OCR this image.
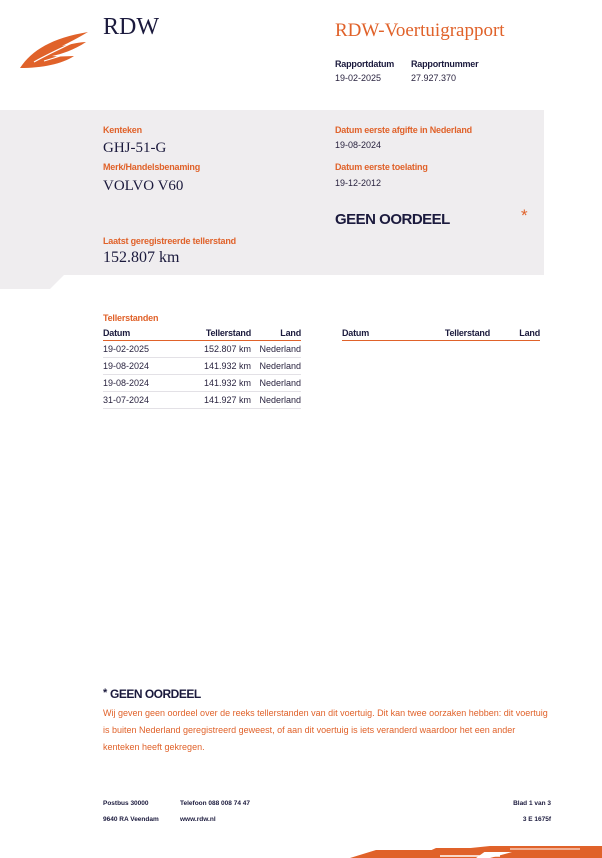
RDW	RDW-Voertuigrapport
Rapportdatum Rapportnummer
19-02-2025	27.927.370
Kenteken
GHJ-51-G
Merk/Handelsbenaming
VOLVO V60
Laatst geregistreerde tellerstand
152.807 km
Datum eerste afgifte in Nederland
19-08-2024
Datum eerste toelating
19-12-2012
GEEN OORDEEL	*
Tellerstanden
Datum	Tellerstand	Land
19-02-2025	152.807 km	Nederland
19-08-2024	141.932 km	Nederland
19-08-2024	141.932 km	Nederland
31-07-2024	141.927 km	Nederland
Datum	Tellerstand	Land
* GEEN OORDEEL
Wij geven geen oordeel over de reeks tellerstanden van dit voertuig. Dit kan twee oorzaken hebben: dit voertuig is buiten Nederland geregistreerd geweest, of aan dit voertuig is iets veranderd waardoor het een ander kenteken heeft gekregen.
Postbus 30000
9640 RA Veendam
Telefoon 088 008 74 47
www.rdw.nl
Blad 1 van 3
3 E 1675f
